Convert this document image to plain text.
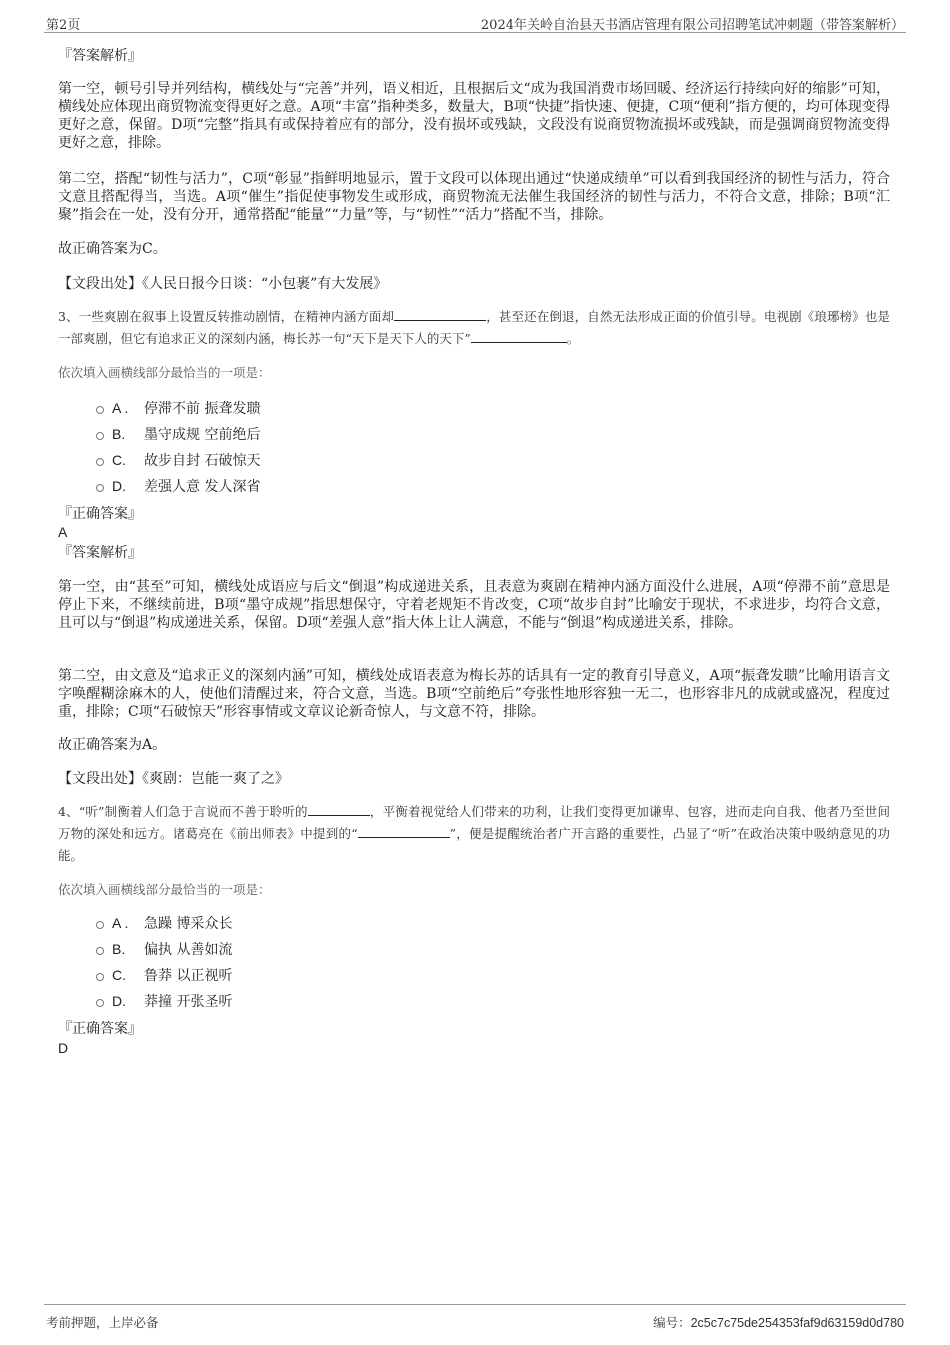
第2页	2024年关岭自治县天书酒店管理有限公司招聘笔试冲刺题（带答案解析）
『答案解析』
第一空，顿号引导并列结构，横线处与“完善”并列，语义相近，且根据后文“成为我国消费市场回暖、经济运行持续向好的缩影”可知，横线处应体现出商贸物流变得更好之意。A项“丰富”指种类多，数量大，B项“快捷”指快速、便捷，C项“便利”指方便的，均可体现变得更好之意，保留。D项“完整”指具有或保持着应有的部分，没有损坏或残缺，文段没有说商贸物流损坏或残缺，而是强调商贸物流变得更好之意，排除。
第二空，搭配“韧性与活力”，C项“彰显”指鲜明地显示，置于文段可以体现出通过“快递成绩单”可以看到我国经济的韧性与活力，符合文意且搭配得当，当选。A项“催生”指促使事物发生或形成，商贸物流无法催生我国经济的韧性与活力，不符合文意，排除；B项“汇聚”指会在一处，没有分开，通常搭配“能量”“力量”等，与“韧性”“活力”搭配不当，排除。
故正确答案为C。
【文段出处】《人民日报今日谈：“小包裹”有大发展》
3、一些爽剧在叙事上设置反转推动剧情，在精神内涵方面却	，甚至还在倒退，自然无法形成正面的价值引导。电视剧《琅琊榜》也是一部爽剧，但它有追求正义的深刻内涵，梅长苏一句“天下是天下人的天下”	。
依次填入画横线部分最恰当的一项是：
A .	停滞不前 振聋发聩
B.	墨守成规 空前绝后
C.	故步自封 石破惊天
D.	差强人意 发人深省
『正确答案』
A
『答案解析』
第一空，由“甚至”可知，横线处成语应与后文“倒退”构成递进关系，且表意为爽剧在精神内涵方面没什么进展，A项“停滞不前”意思是停止下来，不继续前进，B项“墨守成规”指思想保守，守着老规矩不肯改变，C项“故步自封”比喻安于现状，不求进步，均符合文意，且可以与“倒退”构成递进关系，保留。D项“差强人意”指大体上让人满意，不能与“倒退”构成递进关系，排除。
第二空，由文意及“追求正义的深刻内涵”可知，横线处成语表意为梅长苏的话具有一定的教育引导意义，A项“振聋发聩”比喻用语言文字唤醒糊涂麻木的人，使他们清醒过来，符合文意，当选。B项“空前绝后”夸张性地形容独一无二，也形容非凡的成就或盛况，程度过重，排除；C项“石破惊天”形容事情或文章议论新奇惊人，与文意不符，排除。
故正确答案为A。
【文段出处】《爽剧：岂能一爽了之》
4、“听”制衡着人们急于言说而不善于聆听的	，平衡着视觉给人们带来的功利，让我们变得更加谦卑、包容，进而走向自我、他者乃至世间万物的深处和远方。诸葛亮在《前出师表》中提到的“	”，便是提醒统治者广开言路的重要性，凸显了“听”在政治决策中吸纳意见的功能。
依次填入画横线部分最恰当的一项是：
A .	急躁 博采众长
B.	偏执 从善如流
C.	鲁莽 以正视听
D.	莽撞 开张圣听
『正确答案』
D
考前押题，上岸必备	编号：2c5c7c75de254353faf9d63159d0d780
